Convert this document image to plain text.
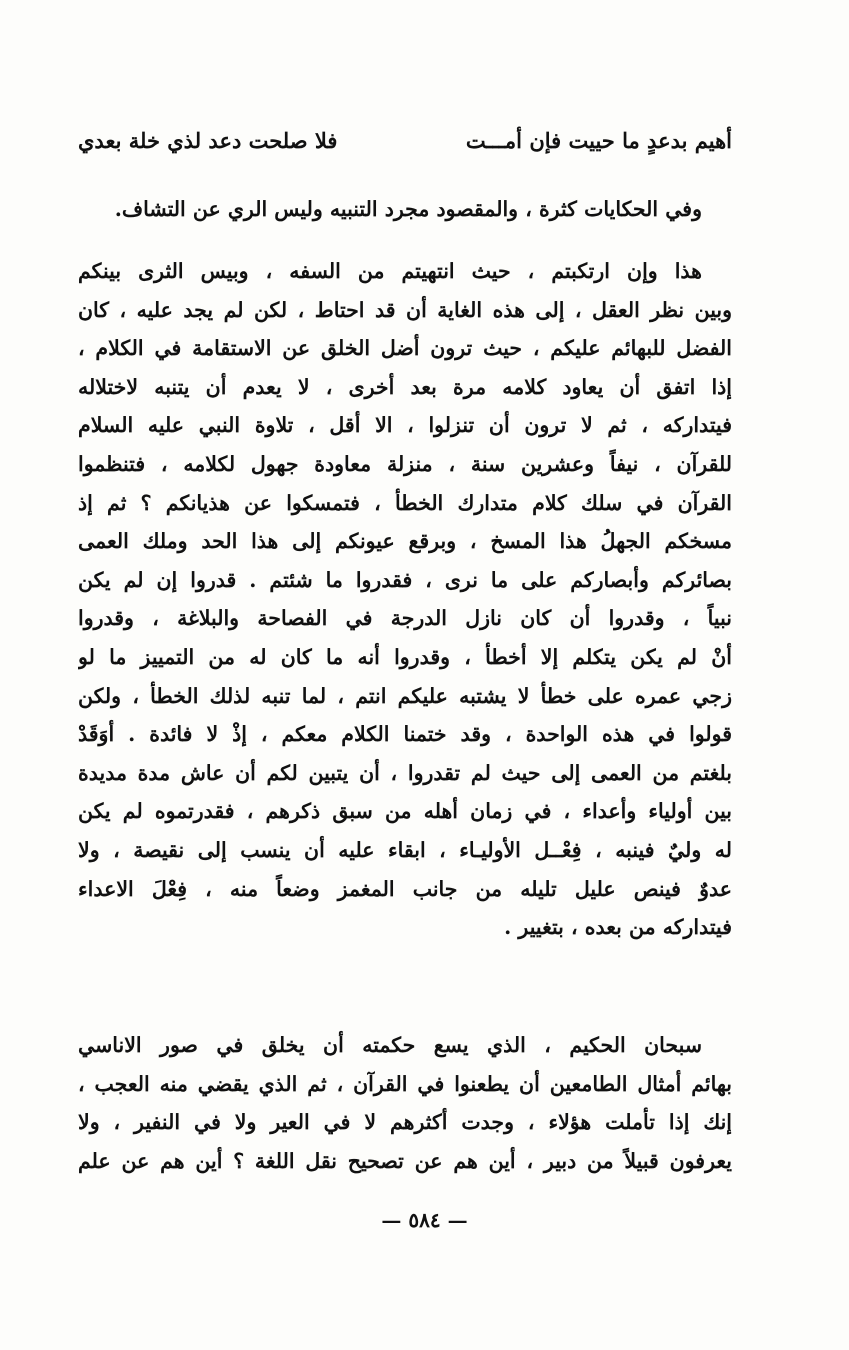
أهيم بدعدٍ ما حييت فإن أمـــت
فلا صلحت دعد لذي خلة بعدي
وفي الحكايات كثرة ، والمقصود مجرد التنبيه وليس الري عن التشاف.
هذا وإن ارتكبتم ، حيث انتهيتم من السفه ، وبيس الثرى بينكم
وبين نظر العقل ، إلى هذه الغاية أن قد احتاط ، لكن لم يجد عليه ، كان
الفضل للبهائم عليكم ، حيث ترون أضل الخلق عن الاستقامة في الكلام ،
إذا اتفق أن يعاود كلامه مرة بعد أخرى ، لا يعدم أن يتنبه لاختلاله
فيتداركه ، ثم لا ترون أن تنزلوا ، الا أقل ، تلاوة النبي عليه السلام
للقرآن ، نيفاً وعشرين سنة ، منزلة معاودة جهول لكلامه ، فتنظموا
القرآن في سلك كلام متدارك الخطأ ، فتمسكوا عن هذيانكم ؟ ثم إذ
مسخكم الجهلُ هذا المسخ ، وبرقع عيونكم إلى هذا الحد وملك العمى
بصائركم وأبصاركم على ما نرى ، فقدروا ما شئتم . قدروا إن لم يكن
نبياً ، وقدروا أن كان نازل الدرجة في الفصاحة والبلاغة ، وقدروا
أنْ لم يكن يتكلم إلا أخطأ ، وقدروا أنه ما كان له من التمييز ما لو
زجي عمره على خطأ لا يشتبه عليكم انتم ، لما تنبه لذلك الخطأ ، ولكن
قولوا في هذه الواحدة ، وقد ختمنا الكلام معكم ، إذْ لا فائدة . أوَقَدْ
بلغتم من العمى إلى حيث لم تقدروا ، أن يتبين لكم أن عاش مدة مديدة
بين أولياء وأعداء ، في زمان أهله من سبق ذكرهم ، فقدرتموه لم يكن
له وليٌ فينبه ، فِعْــل الأوليـاء ، ابقاء عليه أن ينسب إلى نقيصة ، ولا
عدوٌ فينص عليل تليله من جانب المغمز وضعاً منه ، فِعْلَ الاعداء
فيتداركه من بعده ، بتغيير .
سبحان الحكيم ، الذي يسع حكمته أن يخلق في صور الاناسي
بهائم أمثال الطامعين أن يطعنوا في القرآن ، ثم الذي يقضي منه العجب ،
إنك إذا تأملت هؤلاء ، وجدت أكثرهم لا في العير ولا في النفير ، ولا
يعرفون قبيلاً من دبير ، أين هم عن تصحيح نقل اللغة ؟ أين هم عن علم
— ٥٨٤ —
